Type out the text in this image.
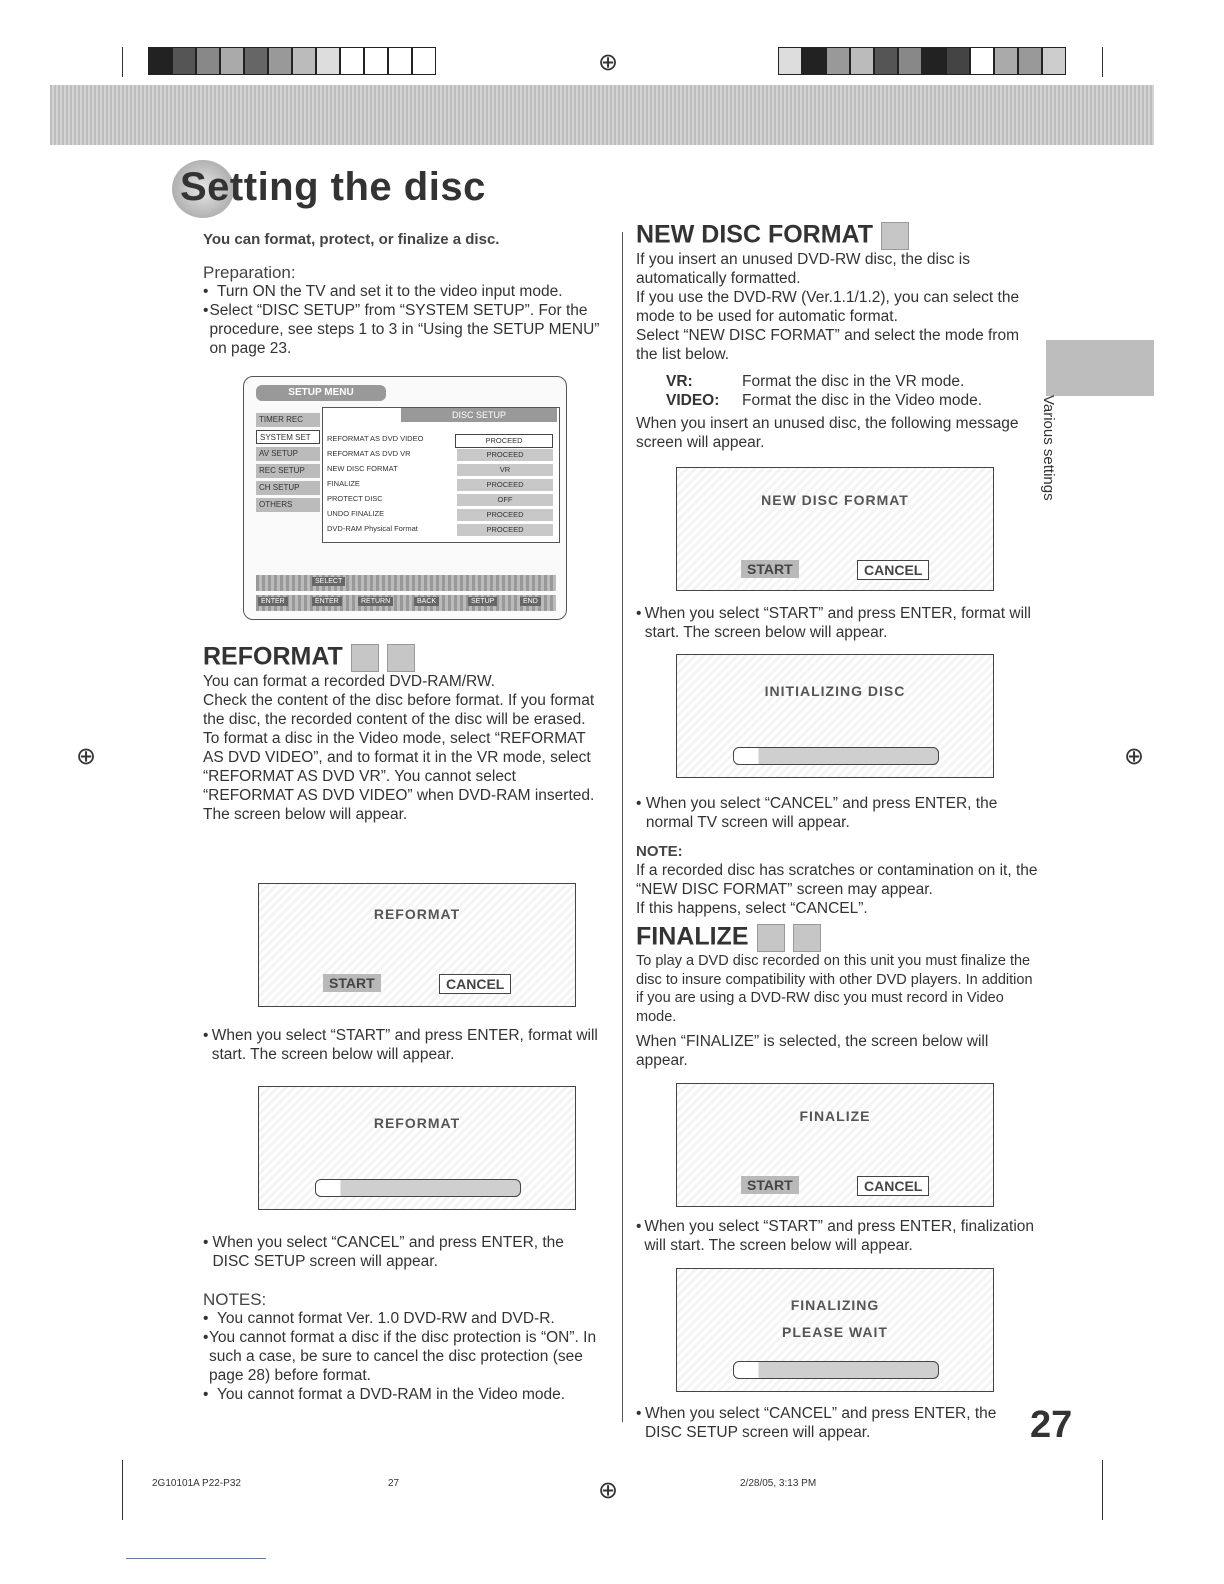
⊕
Setting the disc
You can format, protect, or finalize a disc.
Preparation:
• Turn ON the TV and set it to the video input mode.
• Select “DISC SETUP” from “SYSTEM SETUP”. For the procedure, see steps 1 to 3 in “Using the SETUP MENU” on page 23.
SETUP MENU
TIMER REC
SYSTEM SET
AV SETUP
REC SETUP
CH SETUP
OTHERS
DISC SETUP
REFORMAT AS DVD VIDEO	PROCEED
REFORMAT AS DVD VR	PROCEED
NEW DISC FORMAT	VR
FINALIZE	PROCEED
PROTECT DISC	OFF
UNDO FINALIZE	PROCEED
DVD-RAM Physical Format	PROCEED
SELECT
ENTER	ENTER	RETURN	BACK	SETUP	END
REFORMAT
You can format a recorded DVD-RAM/RW.
Check the content of the disc before format. If you format the disc, the recorded content of the disc will be erased.
To format a disc in the Video mode, select “REFORMAT AS DVD VIDEO”, and to format it in the VR mode, select “REFORMAT AS DVD VR”. You cannot select “REFORMAT AS DVD VIDEO” when DVD-RAM inserted. The screen below will appear.
REFORMAT
START	CANCEL
• When you select “START” and press ENTER, format will start. The screen below will appear.
REFORMAT
• When you select “CANCEL” and press ENTER, the DISC SETUP screen will appear.
NOTES:
• You cannot format Ver. 1.0 DVD-RW and DVD-R.
• You cannot format a disc if the disc protection is “ON”. In such a case, be sure to cancel the disc protection (see page 28) before format.
• You cannot format a DVD-RAM in the Video mode.
NEW DISC FORMAT
If you insert an unused DVD-RW disc, the disc is automatically formatted.
If you use the DVD-RW (Ver.1.1/1.2), you can select the mode to be used for automatic format.
Select “NEW DISC FORMAT” and select the mode from the list below.
VR:	Format the disc in the VR mode.
VIDEO:	Format the disc in the Video mode.
When you insert an unused disc, the following message screen will appear.
NEW DISC FORMAT
START	CANCEL
• When you select “START” and press ENTER, format will start. The screen below will appear.
INITIALIZING DISC
• When you select “CANCEL” and press ENTER, the normal TV screen will appear.
NOTE:
If a recorded disc has scratches or contamination on it, the “NEW DISC FORMAT” screen may appear.
If this happens, select “CANCEL”.
FINALIZE
To play a DVD disc recorded on this unit you must finalize the disc to insure compatibility with other DVD players. In addition if you are using a DVD-RW disc you must record in Video mode.
When “FINALIZE” is selected, the screen below will appear.
FINALIZE
START	CANCEL
• When you select “START” and press ENTER, finalization will start. The screen below will appear.
FINALIZING
PLEASE WAIT
• When you select “CANCEL” and press ENTER, the DISC SETUP screen will appear.
Various settings
27
⊕	⊕
2G10101A P22-P32	27	⊕	2/28/05, 3:13 PM
